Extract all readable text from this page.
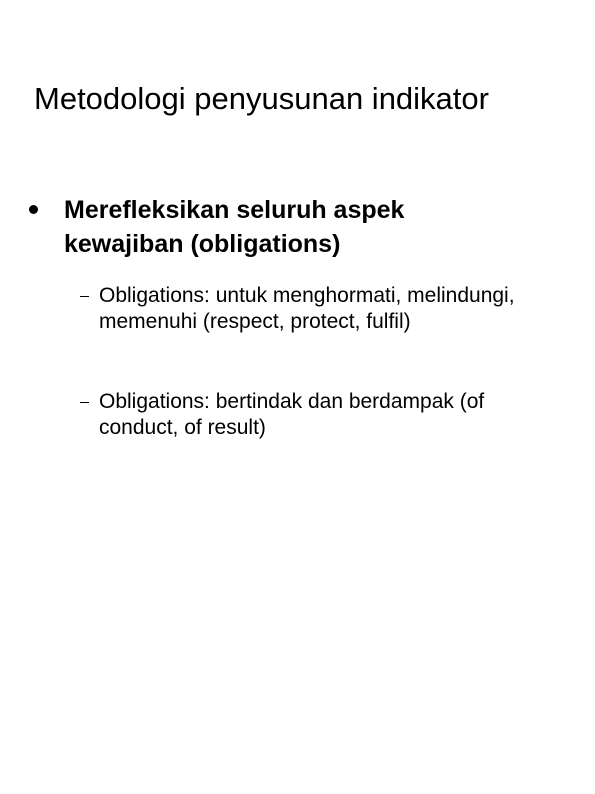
Metodologi penyusunan indikator
Merefleksikan seluruh aspek kewajiban (obligations)
Obligations: untuk menghormati, melindungi, memenuhi (respect, protect, fulfil)
Obligations: bertindak dan berdampak (of conduct, of result)
